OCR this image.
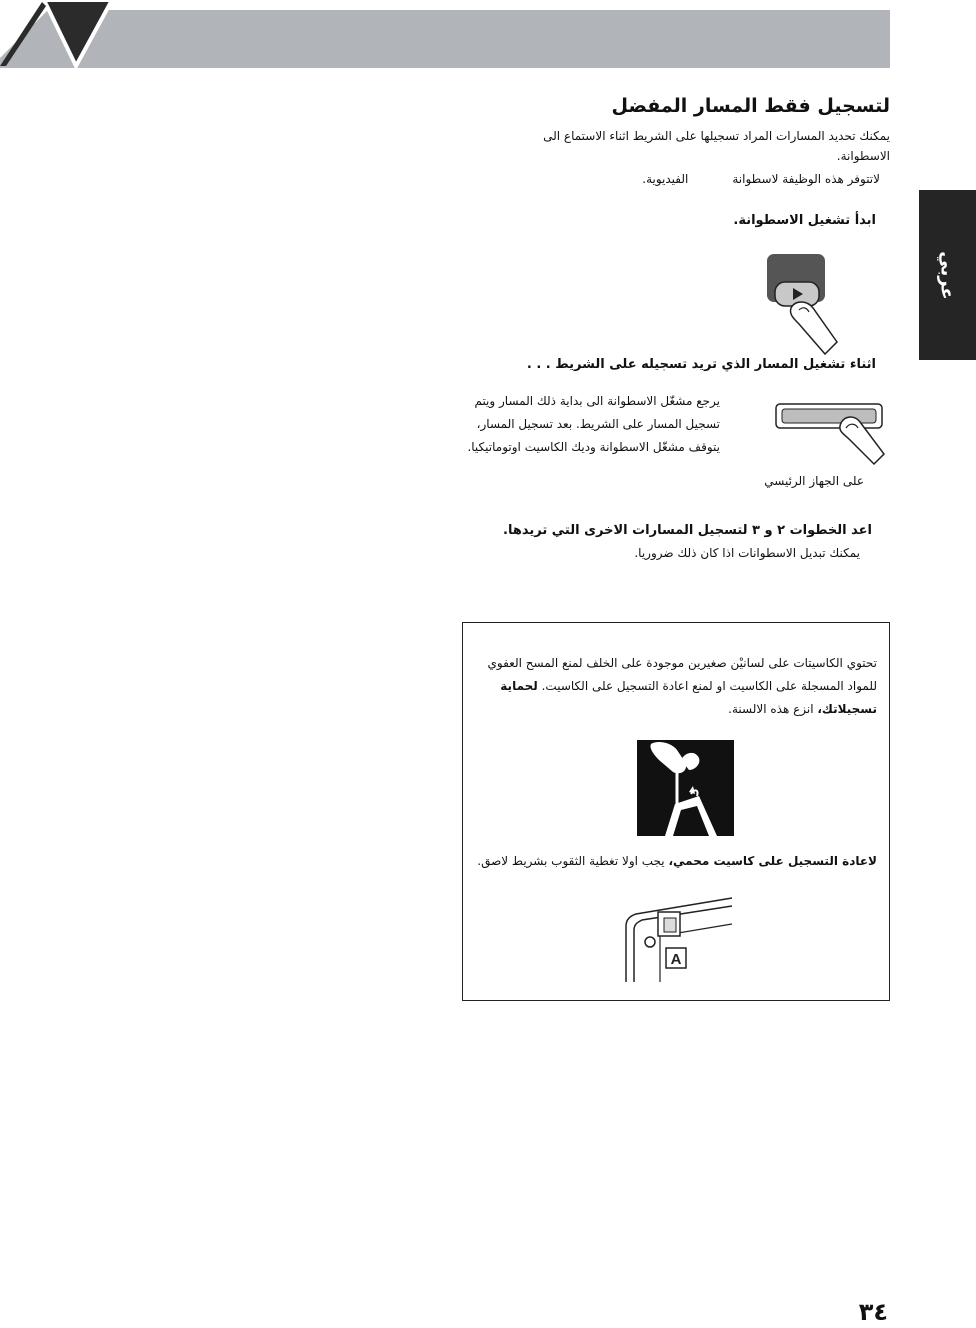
عربي
لتسجيل فقط المسار المفضل
يمكنك تحديد المسارات المراد تسجيلها على الشريط اثناء الاستماع الى الاسطوانة.
لاتتوفر هذه الوظيفة لاسطوانةالفيديوية.
ابدأ تشغيل الاسطوانة.
اثناء تشغيل المسار الذي تريد تسجيله على الشريط . . .
يرجع مشغّل الاسطوانة الى بداية ذلك المسار ويتم تسجيل المسار على الشريط. بعد تسجيل المسار، يتوقف مشغّل الاسطوانة وديك الكاسيت اوتوماتيكيا.
على الجهاز الرئيسي
اعد الخطوات ٢ و ٣ لتسجيل المسارات الاخرى التي تريدها.
يمكنك تبديل الاسطوانات اذا كان ذلك ضروريا.
تحتوي الكاسيتات على لسانيْن صغيرين موجودة على الخلف لمنع المسح العفوي للمواد المسجلة على الكاسيت او لمنع اعادة التسجيل على الكاسيت. لحماية تسجيلاتك، انزع هذه الالسنة.
لاعادة التسجيل على كاسيت محمي، يجب اولا تغطية الثقوب بشريط لاصق.
A
٣٤
